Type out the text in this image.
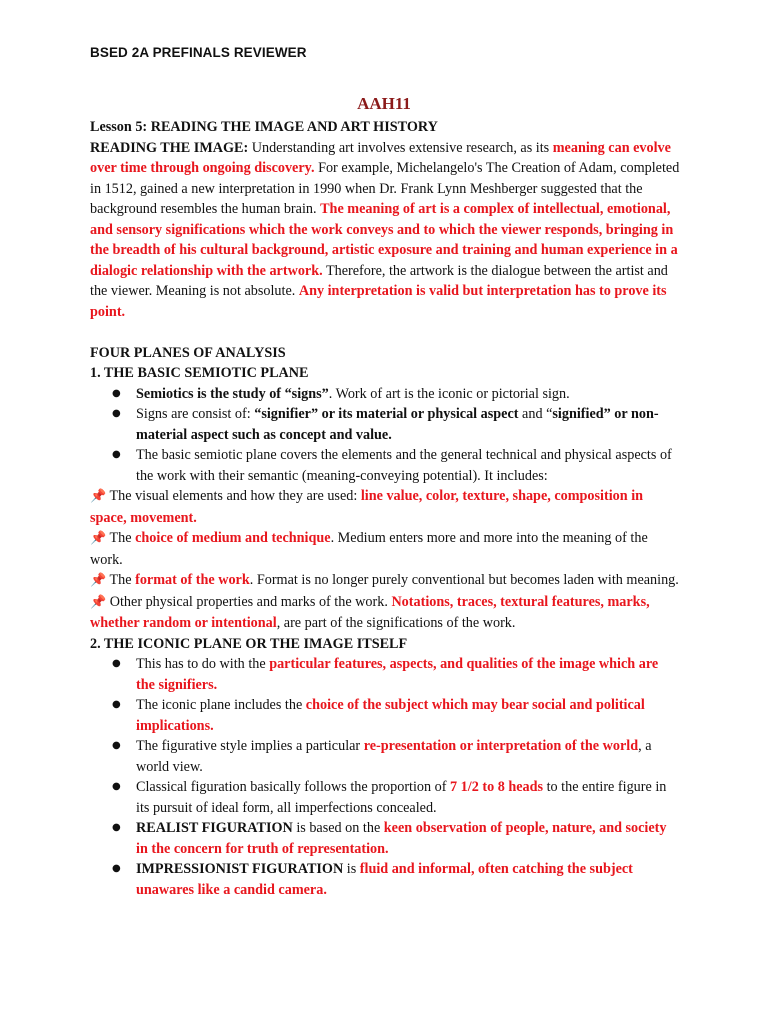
BSED 2A PREFINALS REVIEWER
AAH11

Lesson 5: READING THE IMAGE AND ART HISTORY

READING THE IMAGE: Understanding art involves extensive research, as its meaning can evolve over time through ongoing discovery. For example, Michelangelo's The Creation of Adam, completed in 1512, gained a new interpretation in 1990 when Dr. Frank Lynn Meshberger suggested that the background resembles the human brain. The meaning of art is a complex of intellectual, emotional, and sensory significations which the work conveys and to which the viewer responds, bringing in the breadth of his cultural background, artistic exposure and training and human experience in a dialogic relationship with the artwork. Therefore, the artwork is the dialogue between the artist and the viewer. Meaning is not absolute. Any interpretation is valid but interpretation has to prove its point.

FOUR PLANES OF ANALYSIS

1. THE BASIC SEMIOTIC PLANE

● Semiotics is the study of “signs”. Work of art is the iconic or pictorial sign.
● Signs are consist of: “signifier” or its material or physical aspect and “signified” or non-material aspect such as concept and value.
● The basic semiotic plane covers the elements and the general technical and physical aspects of the work with their semantic (meaning-conveying potential). It includes:

📌 The visual elements and how they are used: line value, color, texture, shape, composition in space, movement.

📌 The choice of medium and technique. Medium enters more and more into the meaning of the work.

📌 The format of the work. Format is no longer purely conventional but becomes laden with meaning.

📌 Other physical properties and marks of the work. Notations, traces, textural features, marks, whether random or intentional, are part of the significations of the work.

2. THE ICONIC PLANE OR THE IMAGE ITSELF

● This has to do with the particular features, aspects, and qualities of the image which are the signifiers.
● The iconic plane includes the choice of the subject which may bear social and political implications.
● The figurative style implies a particular re-presentation or interpretation of the world, a world view.
● Classical figuration basically follows the proportion of 7 1/2 to 8 heads to the entire figure in its pursuit of ideal form, all imperfections concealed.
● REALIST FIGURATION is based on the keen observation of people, nature, and society in the concern for truth of representation.
● IMPRESSIONIST FIGURATION is fluid and informal, often catching the subject unawares like a candid camera.
